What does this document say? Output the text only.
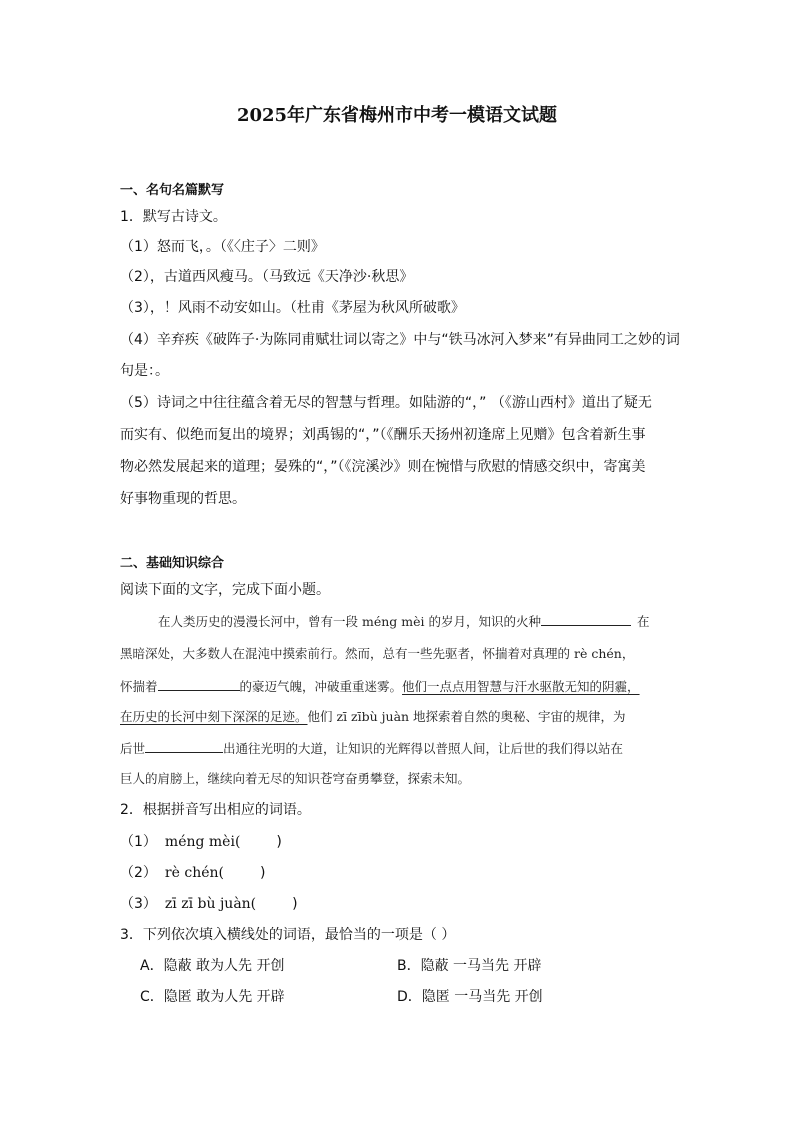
2025年广东省梅州市中考一模语文试题
一、名句名篇默写
1．默写古诗文。
（1）怒而飞，。（《〈庄子〉二则》
（2），古道西风瘦马。（马致远《天净沙·秋思》
（3），！风雨不动安如山。（杜甫《茅屋为秋风所破歌》
（4）辛弃疾《破阵子·为陈同甫赋壮词以寄之》中与“铁马冰河入梦来”有异曲同工之妙的词
句是：。
（5）诗词之中往往蕴含着无尽的智慧与哲理。如陆游的“，” （《游山西村》道出了疑无
而实有、似绝而复出的境界；刘禹锡的“，”（《酬乐天扬州初逢席上见赠》包含着新生事
物必然发展起来的道理；晏殊的“，”（《浣溪沙》则在惋惜与欣慰的情感交织中，寄寓美
好事物重现的哲思。
二、基础知识综合
阅读下面的文字，完成下面小题。
在人类历史的漫漫长河中，曾有一段 méng mèi 的岁月，知识的火种	在
黑暗深处，大多数人在混沌中摸索前行。然而，总有一些先驱者，怀揣着对真理的 rè chén，
怀揣着	的豪迈气魄，冲破重重迷雾。他们一点点用智慧与汗水驱散无知的阴霾，
在历史的长河中刻下深深的足迹。他们 zī zībù juàn 地探索着自然的奥秘、宇宙的规律，为
后世	出通往光明的大道，让知识的光辉得以普照人间，让后世的我们得以站在
巨人的肩膀上，继续向着无尽的知识苍穹奋勇攀登，探索未知。
2．根据拼音写出相应的词语。
（1） méng mèi(	)
（2） rè chén(	)
（3） zī zī bù juàn(	)
3．下列依次填入横线处的词语，最恰当的一项是（ ）
A．隐蔽 敢为人先 开创	B．隐蔽 一马当先 开辟
C．隐匿 敢为人先 开辟	D．隐匿 一马当先 开创
